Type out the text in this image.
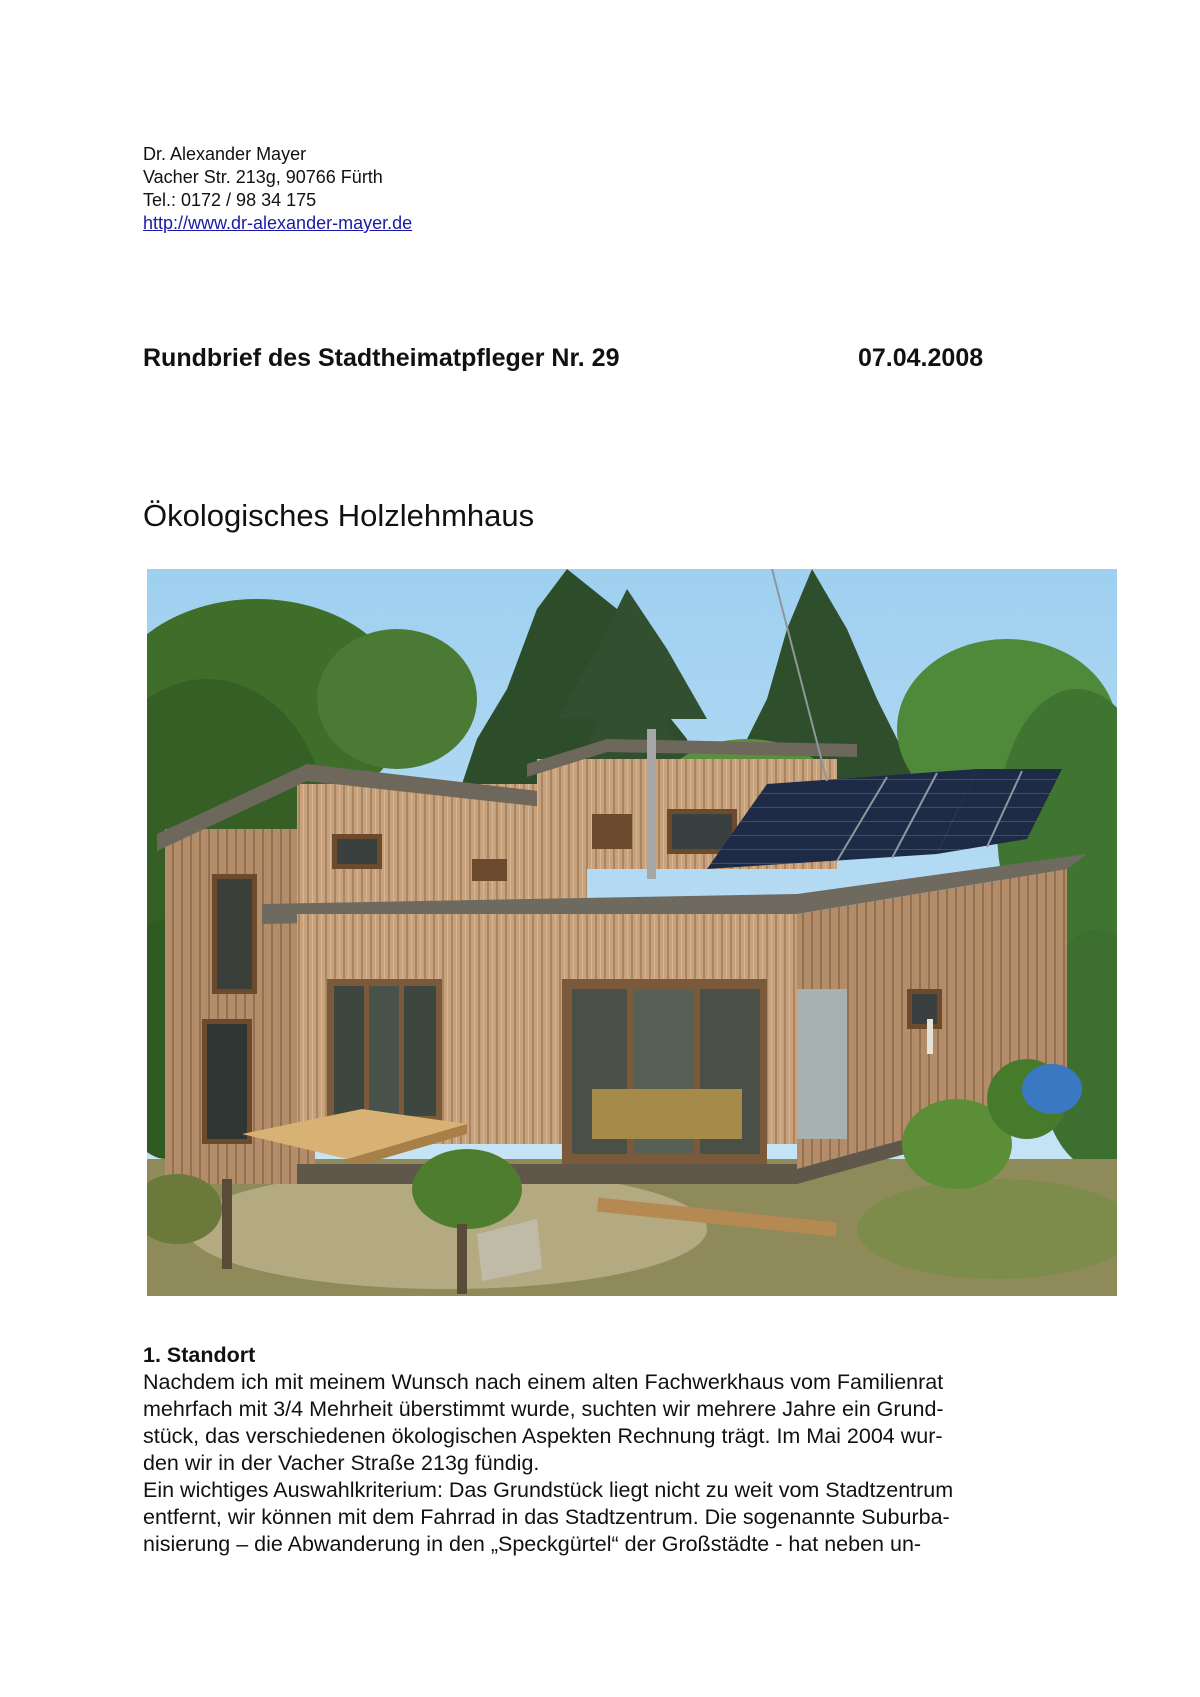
Dr. Alexander Mayer
Vacher Str. 213g, 90766 Fürth
Tel.: 0172 / 98 34 175
http://www.dr-alexander-mayer.de
Rundbrief des Stadtheimatpfleger Nr. 29	07.04.2008
Ökologisches Holzlehmhaus
1. Standort

Nachdem ich mit meinem Wunsch nach einem alten Fachwerkhaus vom Familienrat
mehrfach mit 3/4 Mehrheit überstimmt wurde, suchten wir mehrere Jahre ein Grund-
stück, das verschiedenen ökologischen Aspekten Rechnung trägt. Im Mai 2004 wur-
den wir in der Vacher Straße 213g fündig.

Ein wichtiges Auswahlkriterium: Das Grundstück liegt nicht zu weit vom Stadtzentrum
entfernt, wir können mit dem Fahrrad in das Stadtzentrum. Die sogenannte Suburba-
nisierung – die Abwanderung in den „Speckgürtel“ der Großstädte - hat neben un-
